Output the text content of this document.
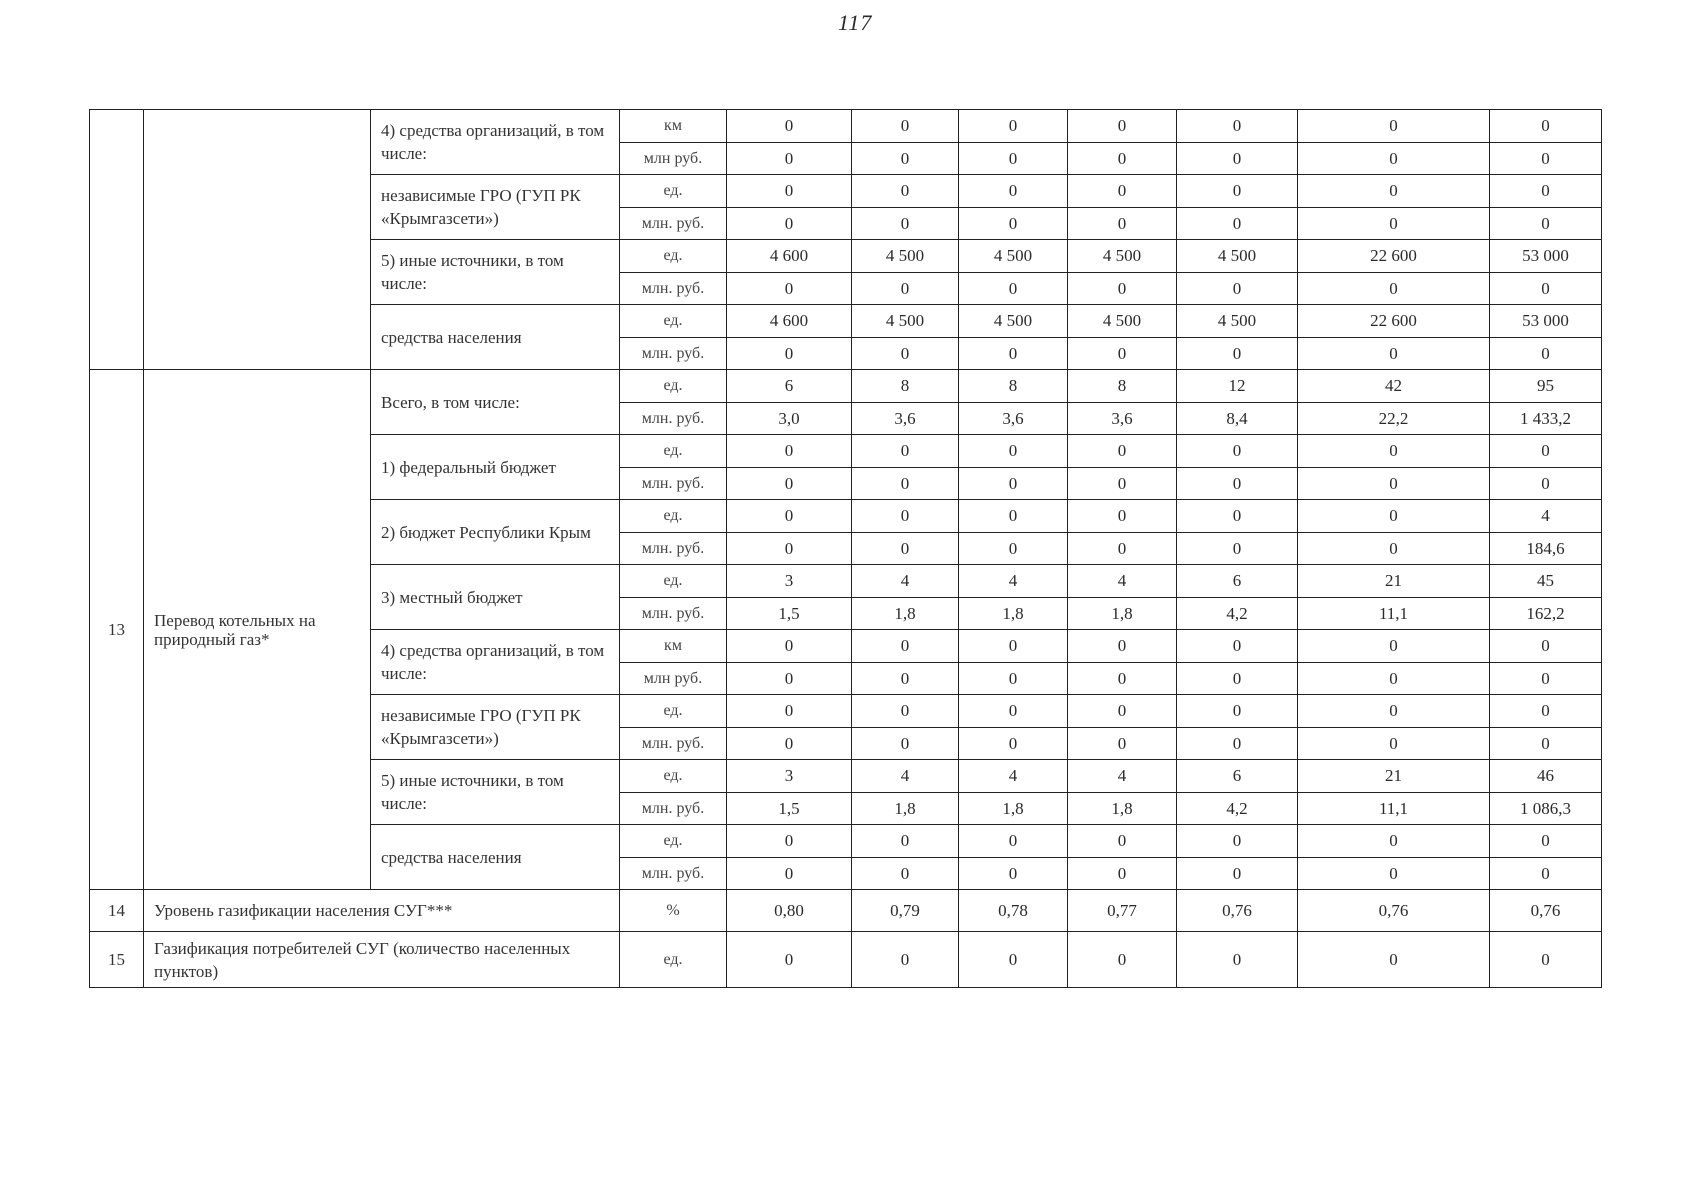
117
		4) средства организаций, в том числе:	км	0	0	0	0	0	0	0
			млн руб.	0	0	0	0	0	0	0
		независимые ГРО (ГУП РК «Крымгазсети»)	ед.	0	0	0	0	0	0	0
			млн. руб.	0	0	0	0	0	0	0
		5) иные источники, в том числе:	ед.	4 600	4 500	4 500	4 500	4 500	22 600	53 000
			млн. руб.	0	0	0	0	0	0	0
		средства населения	ед.	4 600	4 500	4 500	4 500	4 500	22 600	53 000
			млн. руб.	0	0	0	0	0	0	0
13	Перевод котельных на природный газ*	Всего, в том числе:	ед.	6	8	8	8	12	42	95
			млн. руб.	3,0	3,6	3,6	3,6	8,4	22,2	1 433,2
		1) федеральный бюджет	ед.	0	0	0	0	0	0	0
			млн. руб.	0	0	0	0	0	0	0
		2) бюджет Республики Крым	ед.	0	0	0	0	0	0	4
			млн. руб.	0	0	0	0	0	0	184,6
		3) местный бюджет	ед.	3	4	4	4	6	21	45
			млн. руб.	1,5	1,8	1,8	1,8	4,2	11,1	162,2
		4) средства организаций, в том числе:	км	0	0	0	0	0	0	0
			млн руб.	0	0	0	0	0	0	0
		независимые ГРО (ГУП РК «Крымгазсети»)	ед.	0	0	0	0	0	0	0
			млн. руб.	0	0	0	0	0	0	0
		5) иные источники, в том числе:	ед.	3	4	4	4	6	21	46
			млн. руб.	1,5	1,8	1,8	1,8	4,2	11,1	1 086,3
		средства населения	ед.	0	0	0	0	0	0	0
			млн. руб.	0	0	0	0	0	0	0
14	Уровень газификации населения СУГ***		%	0,80	0,79	0,78	0,77	0,76	0,76	0,76
15	Газификация потребителей СУГ (количество населенных пунктов)		ед.	0	0	0	0	0	0	0
